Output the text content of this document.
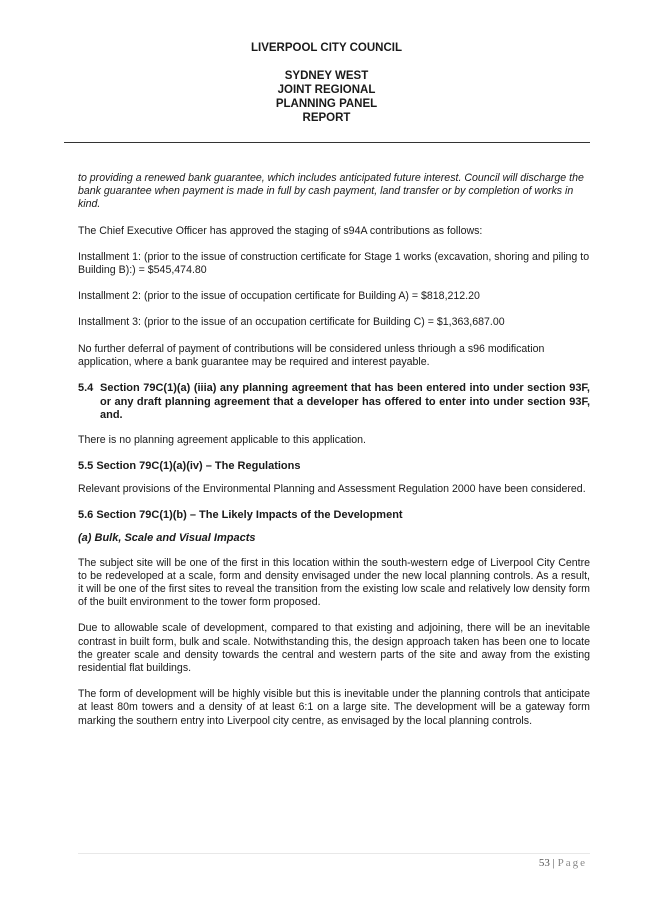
LIVERPOOL CITY COUNCIL
SYDNEY WEST
JOINT REGIONAL
PLANNING PANEL
REPORT

to providing a renewed bank guarantee, which includes anticipated future interest. Council will discharge the bank guarantee when payment is made in full by cash payment, land transfer or by completion of works in kind.

The Chief Executive Officer has approved the staging of s94A contributions as follows:

Installment 1: (prior to the issue of construction certificate for Stage 1 works (excavation, shoring and piling to Building B):) = $545,474.80

Installment 2: (prior to the issue of occupation certificate for Building A) = $818,212.20

Installment 3: (prior to the issue of an occupation certificate for Building C) = $1,363,687.00

No further deferral of payment of contributions will be considered unless thriough a s96 modification application, where a bank guarantee may be required and interest payable.

5.4 Section 79C(1)(a) (iiia) any planning agreement that has been entered into under section 93F, or any draft planning agreement that a developer has offered to enter into under section 93F, and.

There is no planning agreement applicable to this application.

5.5 Section 79C(1)(a)(iv) – The Regulations

Relevant provisions of the Environmental Planning and Assessment Regulation 2000 have been considered.

5.6 Section 79C(1)(b) – The Likely Impacts of the Development
(a) Bulk, Scale and Visual Impacts

The subject site will be one of the first in this location within the south-western edge of Liverpool City Centre to be redeveloped at a scale, form and density envisaged under the new local planning controls. As a result, it will be one of the first sites to reveal the transition from the existing low scale and relatively low density form of the built environment to the tower form proposed.

Due to allowable scale of development, compared to that existing and adjoining, there will be an inevitable contrast in built form, bulk and scale. Notwithstanding this, the design approach taken has been one to locate the greater scale and density towards the central and western parts of the site and away from the existing residential flat buildings.

The form of development will be highly visible but this is inevitable under the planning controls that anticipate at least 80m towers and a density of at least 6:1 on a large site. The development will be a gateway form marking the southern entry into Liverpool city centre, as envisaged by the local planning controls.

53 | Page
